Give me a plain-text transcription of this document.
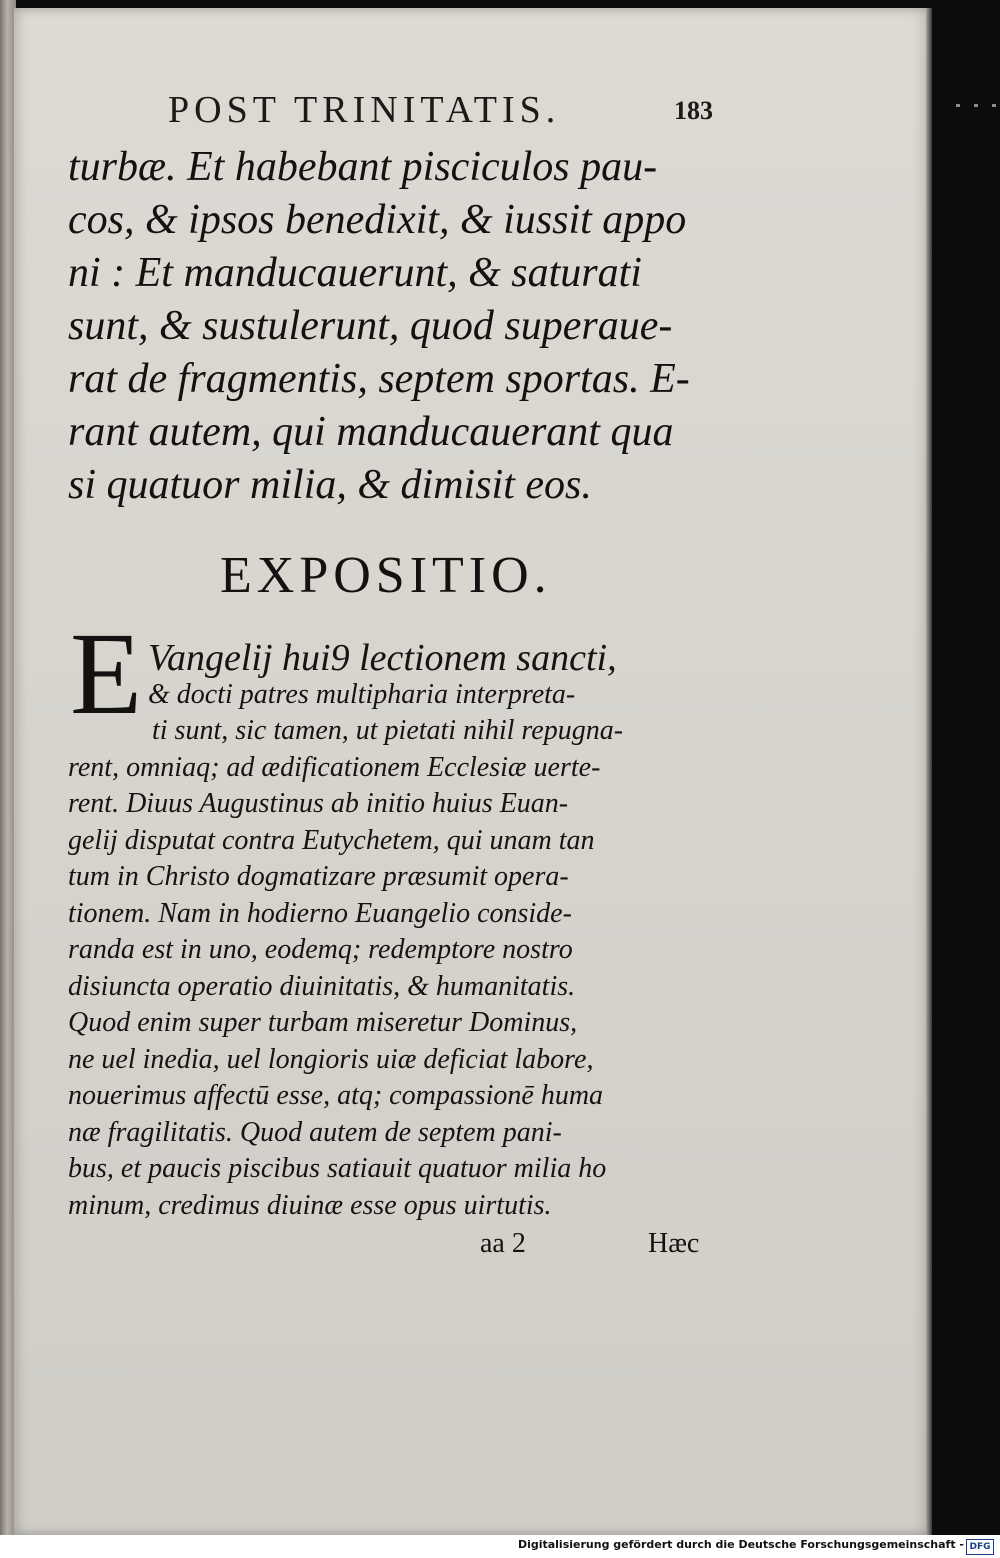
POST TRINITATIS.	183
turbæ. Et habebant pisciculos pau-
cos, & ipsos benedixit, & iussit appo
ni : Et manducauerunt, & saturati
sunt, & sustulerunt, quod superaue-
rat de fragmentis, septem sportas. E-
rant autem, qui manducauerant qua
si quatuor milia, & dimisit eos.
EXPOSITIO.
E Vangelij hui9 lectionem sancti,
& docti patres multipharia interpreta-
ti sunt, sic tamen, ut pietati nihil repugna-
rent, omniaq; ad ædificationem Ecclesiæ uerte-
rent. Diuus Augustinus ab initio huius Euan-
gelij disputat contra Eutychetem, qui unam tan
tum in Christo dogmatizare præsumit opera-
tionem. Nam in hodierno Euangelio conside-
randa est in uno, eodemq; redemptore nostro
disiuncta operatio diuinitatis, & humanitatis.
Quod enim super turbam miseretur Dominus,
ne uel inedia, uel longioris uiæ deficiat labore,
nouerimus affectū esse, atq; compassionē huma
næ fragilitatis. Quod autem de septem pani-
bus, et paucis piscibus satiauit quatuor milia ho
minum, credimus diuinæ esse opus uirtutis.
aa 2	Hæc
Digitalisierung gefördert durch die Deutsche Forschungsgemeinschaft - DFG
